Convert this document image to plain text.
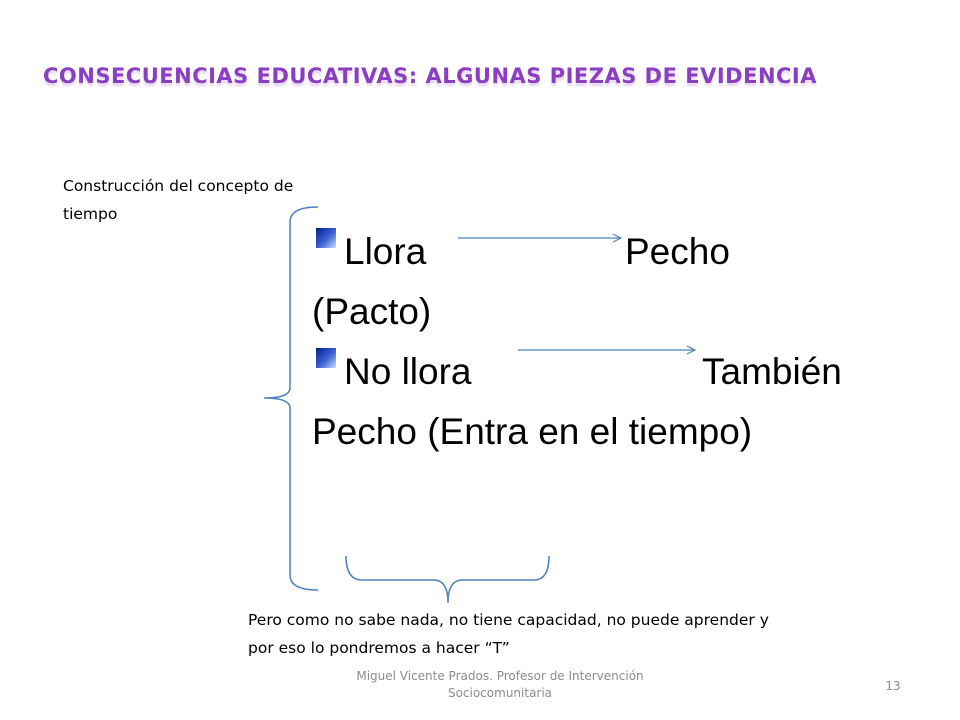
CONSECUENCIAS EDUCATIVAS: ALGUNAS PIEZAS DE EVIDENCIA
Construcción del concepto de tiempo
Llora	Pecho
(Pacto)
No llora	También
Pecho (Entra en el tiempo)
Pero como no sabe nada, no tiene capacidad, no puede aprender y por eso lo pondremos a hacer “T”
Miguel Vicente Prados. Profesor de Intervención Sociocomunitaria	13
